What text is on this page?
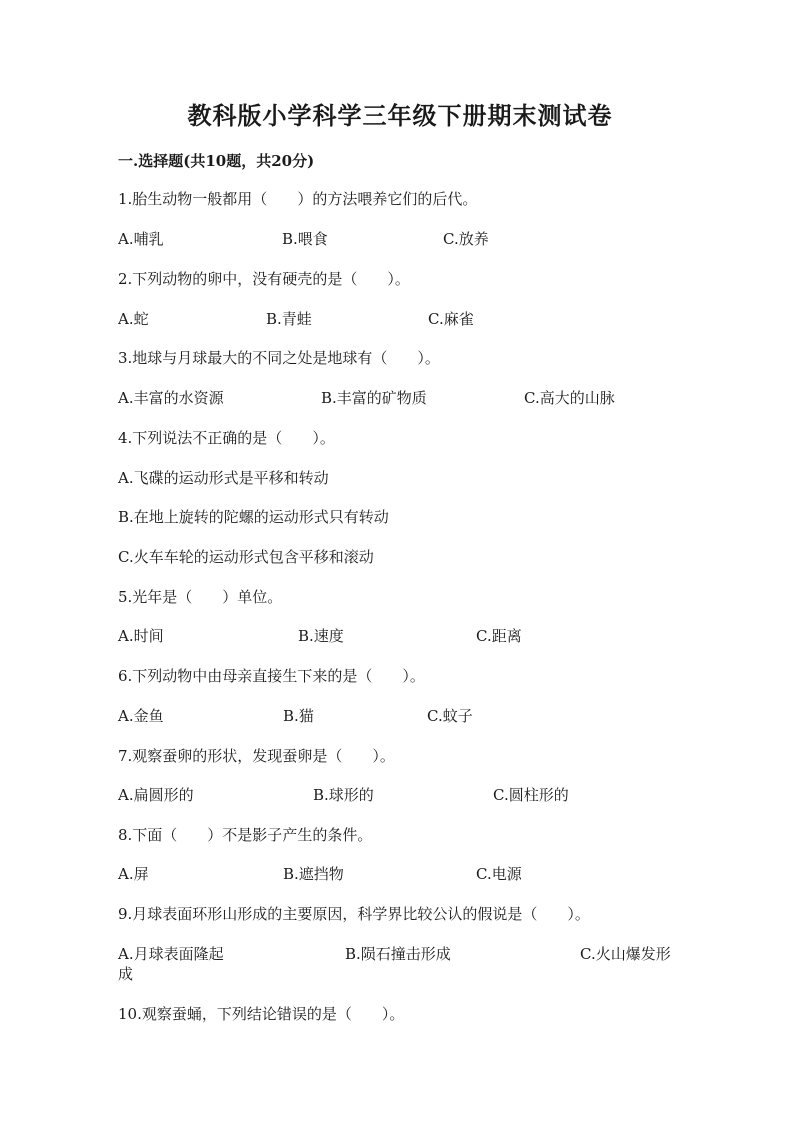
教科版小学科学三年级下册期末测试卷
一.选择题(共10题，共20分)
1.胎生动物一般都用（　　）的方法喂养它们的后代。
A.哺乳	B.喂食	C.放养
2.下列动物的卵中，没有硬壳的是（　　）。
A.蛇	B.青蛙	C.麻雀
3.地球与月球最大的不同之处是地球有（　　）。
A.丰富的水资源	B.丰富的矿物质	C.高大的山脉
4.下列说法不正确的是（　　）。
A.飞碟的运动形式是平移和转动
B.在地上旋转的陀螺的运动形式只有转动
C.火车车轮的运动形式包含平移和滚动
5.光年是（　　）单位。
A.时间	B.速度	C.距离
6.下列动物中由母亲直接生下来的是（　　）。
A.金鱼	B.猫	C.蚊子
7.观察蚕卵的形状，发现蚕卵是（　　）。
A.扁圆形的	B.球形的	C.圆柱形的
8.下面（　　）不是影子产生的条件。
A.屏	B.遮挡物	C.电源
9.月球表面环形山形成的主要原因，科学界比较公认的假说是（　　）。
A.月球表面隆起	B.陨石撞击形成	C.火山爆发形
成
10.观察蚕蛹，下列结论错误的是（　　）。
